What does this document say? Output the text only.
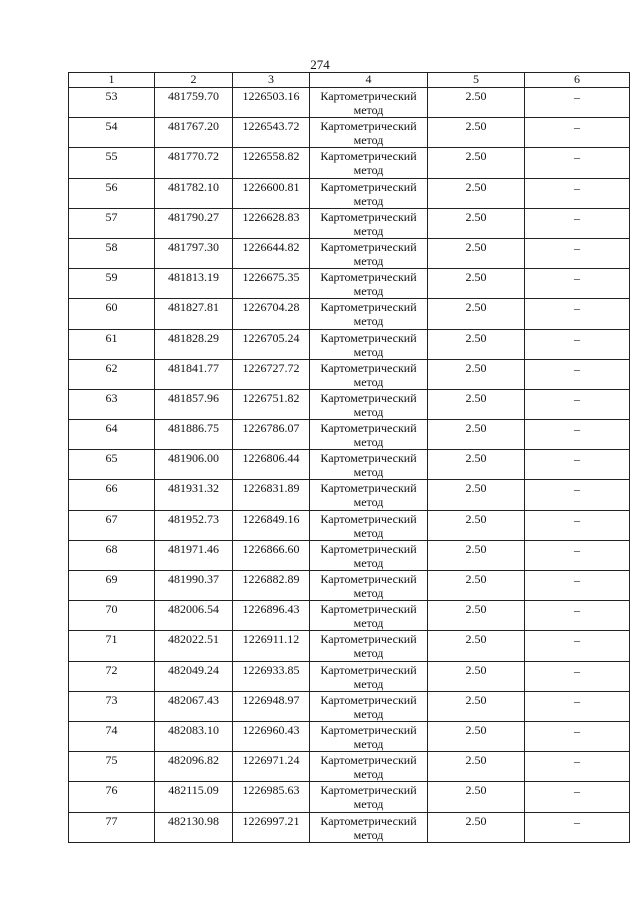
274
1	2	3	4	5	6
53	481759.70	1226503.16	Картометрический метод	2.50	–
54	481767.20	1226543.72	Картометрический метод	2.50	–
55	481770.72	1226558.82	Картометрический метод	2.50	–
56	481782.10	1226600.81	Картометрический метод	2.50	–
57	481790.27	1226628.83	Картометрический метод	2.50	–
58	481797.30	1226644.82	Картометрический метод	2.50	–
59	481813.19	1226675.35	Картометрический метод	2.50	–
60	481827.81	1226704.28	Картометрический метод	2.50	–
61	481828.29	1226705.24	Картометрический метод	2.50	–
62	481841.77	1226727.72	Картометрический метод	2.50	–
63	481857.96	1226751.82	Картометрический метод	2.50	–
64	481886.75	1226786.07	Картометрический метод	2.50	–
65	481906.00	1226806.44	Картометрический метод	2.50	–
66	481931.32	1226831.89	Картометрический метод	2.50	–
67	481952.73	1226849.16	Картометрический метод	2.50	–
68	481971.46	1226866.60	Картометрический метод	2.50	–
69	481990.37	1226882.89	Картометрический метод	2.50	–
70	482006.54	1226896.43	Картометрический метод	2.50	–
71	482022.51	1226911.12	Картометрический метод	2.50	–
72	482049.24	1226933.85	Картометрический метод	2.50	–
73	482067.43	1226948.97	Картометрический метод	2.50	–
74	482083.10	1226960.43	Картометрический метод	2.50	–
75	482096.82	1226971.24	Картометрический метод	2.50	–
76	482115.09	1226985.63	Картометрический метод	2.50	–
77	482130.98	1226997.21	Картометрический метод	2.50	–
